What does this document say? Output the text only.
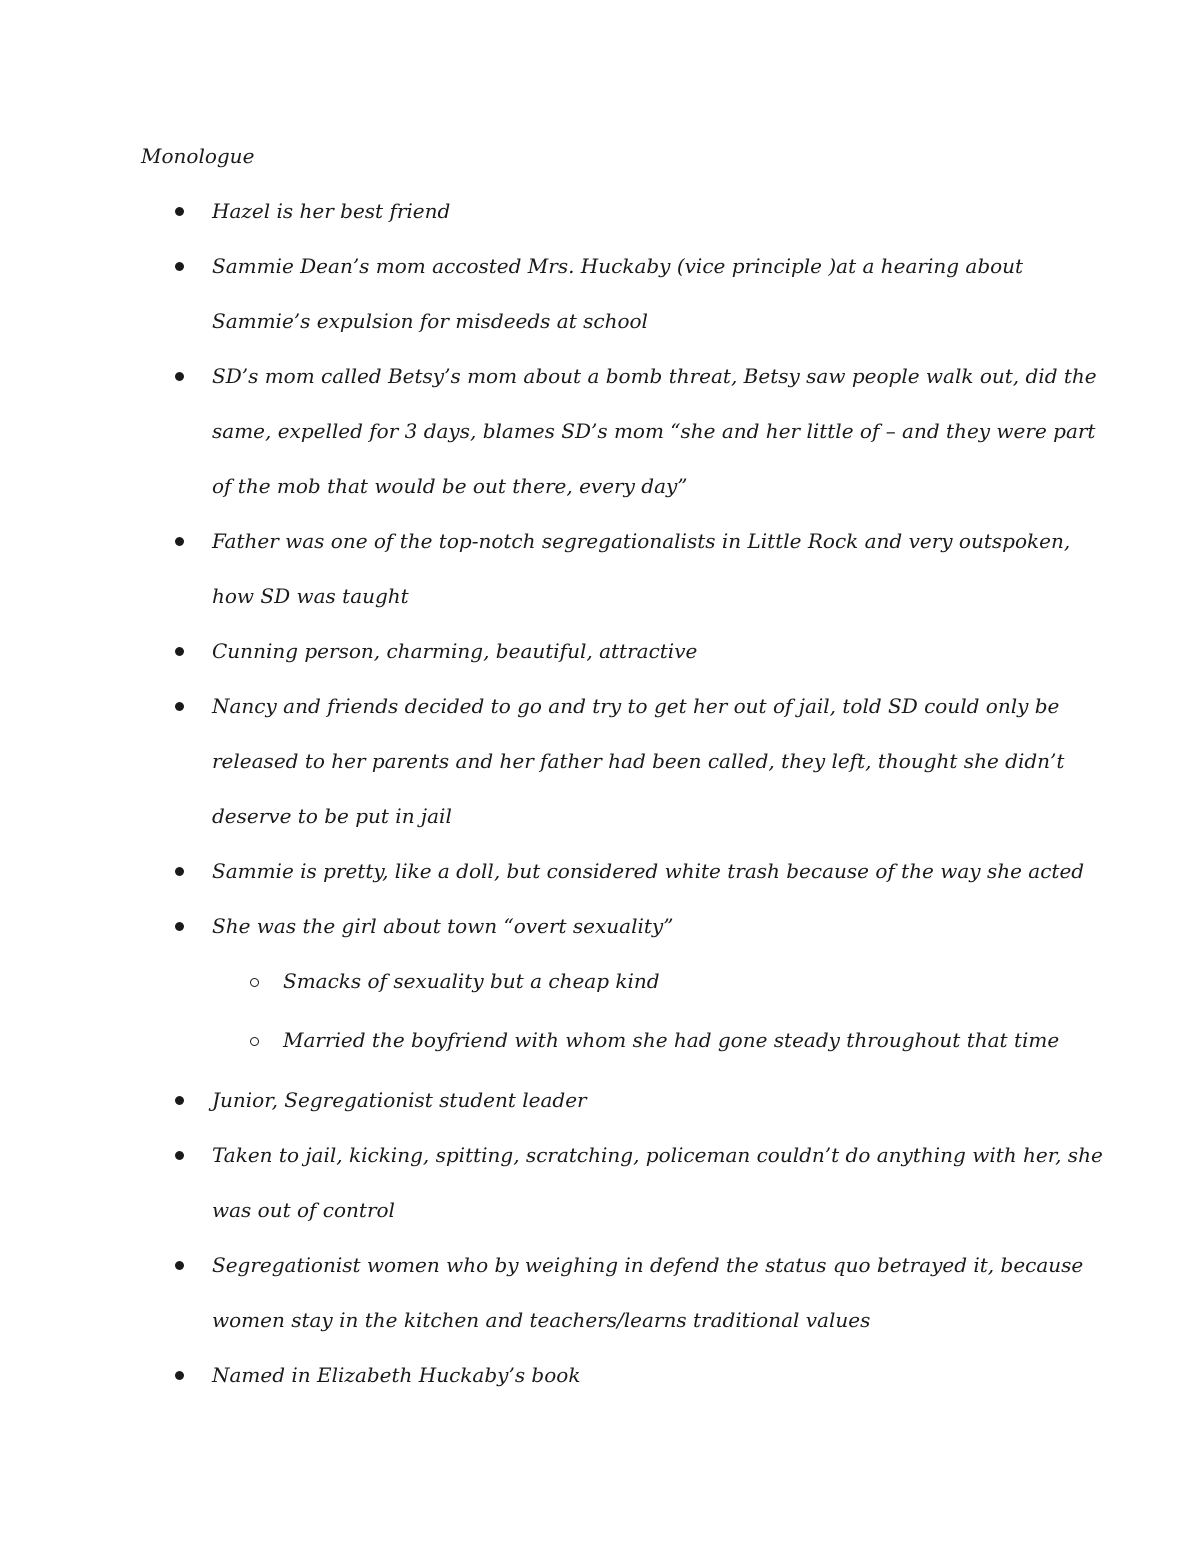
Monologue
Hazel is her best friend
Sammie Dean’s mom accosted Mrs. Huckaby (vice principle )at a hearing about
Sammie’s expulsion for misdeeds at school
SD’s mom called Betsy’s mom about a bomb threat, Betsy saw people walk out, did the
same, expelled for 3 days, blames SD’s mom “she and her little of – and they were part
of the mob that would be out there, every day”
Father was one of the top-notch segregationalists in Little Rock and very outspoken,
how SD was taught
Cunning person, charming, beautiful, attractive
Nancy and friends decided to go and try to get her out of jail, told SD could only be
released to her parents and her father had been called, they left, thought she didn’t
deserve to be put in jail
Sammie is pretty, like a doll, but considered white trash because of the way she acted
She was the girl about town “overt sexuality”
Smacks of sexuality but a cheap kind
Married the boyfriend with whom she had gone steady throughout that time
Junior, Segregationist student leader
Taken to jail, kicking, spitting, scratching, policeman couldn’t do anything with her, she
was out of control
Segregationist women who by weighing in defend the status quo betrayed it, because
women stay in the kitchen and teachers/learns traditional values
Named in Elizabeth Huckaby’s book
